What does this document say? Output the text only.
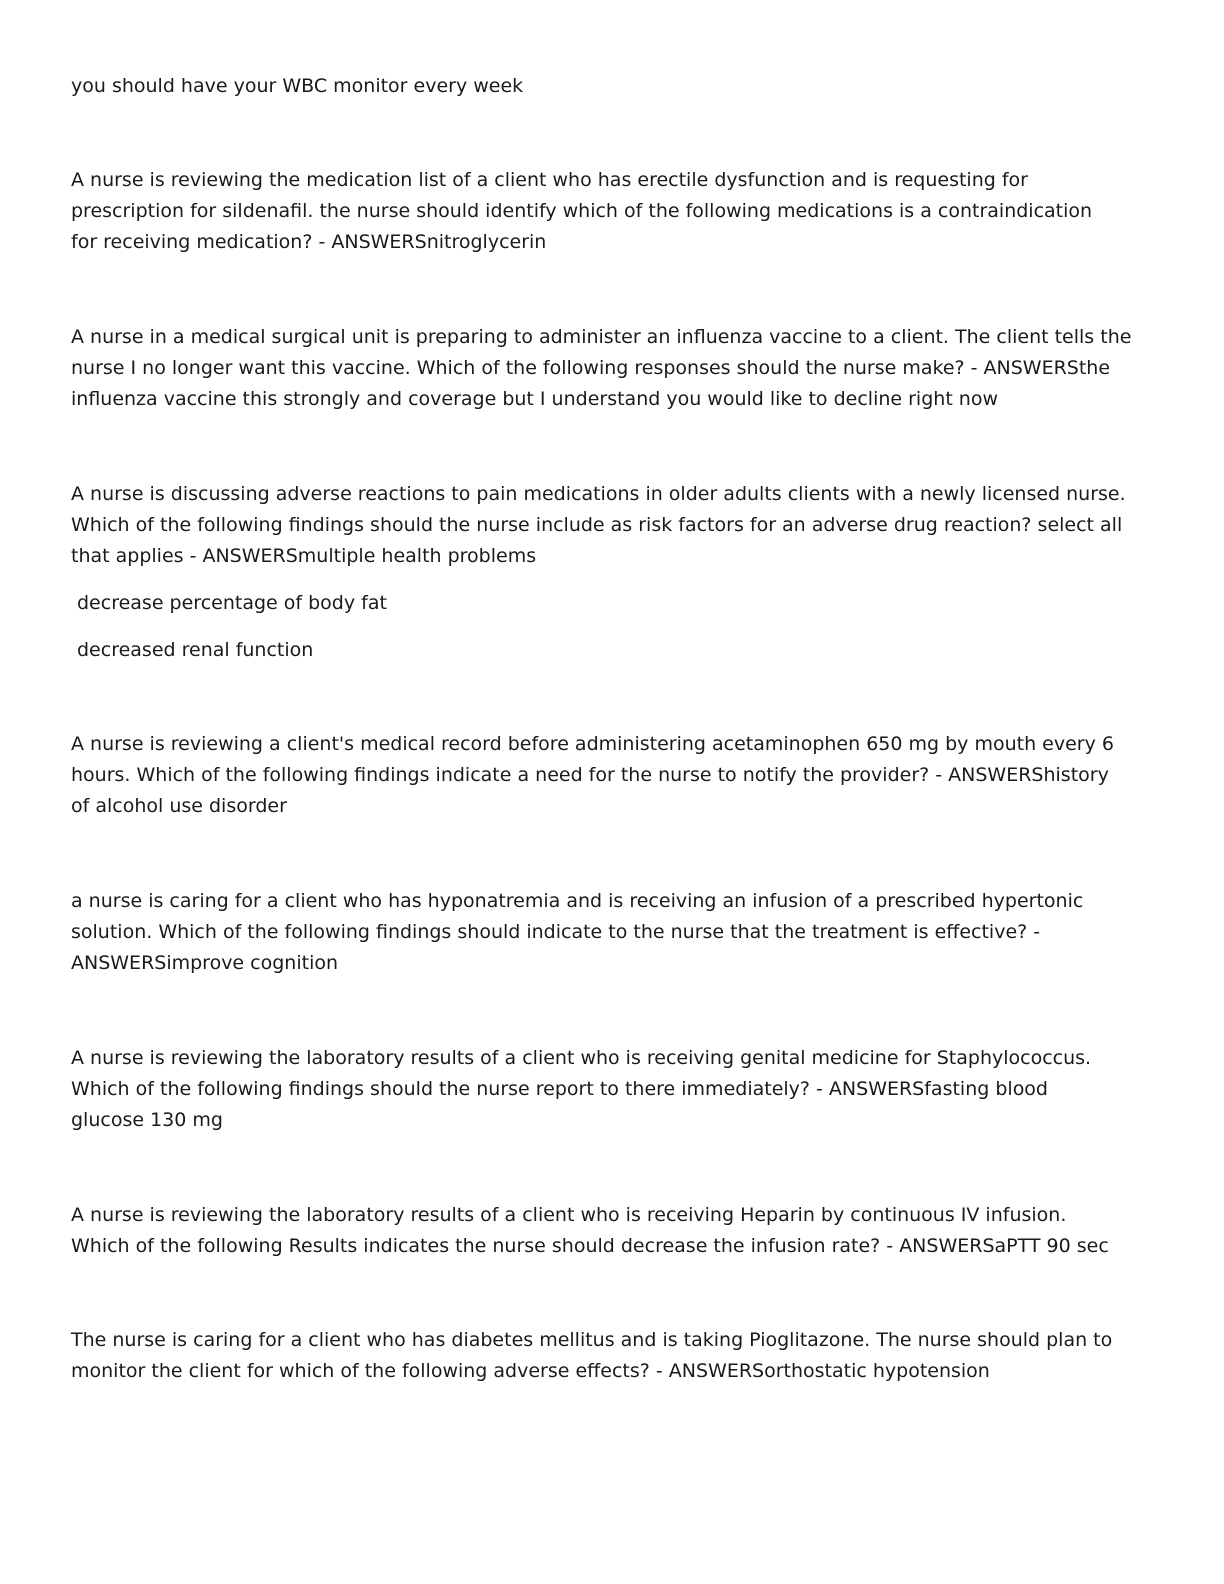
you should have your WBC monitor every week

A nurse is reviewing the medication list of a client who has erectile dysfunction and is requesting for
prescription for sildenafil. the nurse should identify which of the following medications is a contraindication
for receiving medication? - ANSWERSnitroglycerin

A nurse in a medical surgical unit is preparing to administer an influenza vaccine to a client. The client tells the
nurse I no longer want this vaccine. Which of the following responses should the nurse make? - ANSWERSthe
influenza vaccine this strongly and coverage but I understand you would like to decline right now

A nurse is discussing adverse reactions to pain medications in older adults clients with a newly licensed nurse.
Which of the following findings should the nurse include as risk factors for an adverse drug reaction? select all
that applies - ANSWERSmultiple health problems

decrease percentage of body fat

decreased renal function

A nurse is reviewing a client's medical record before administering acetaminophen 650 mg by mouth every 6
hours. Which of the following findings indicate a need for the nurse to notify the provider? - ANSWERShistory
of alcohol use disorder

a nurse is caring for a client who has hyponatremia and is receiving an infusion of a prescribed hypertonic
solution. Which of the following findings should indicate to the nurse that the treatment is effective? -
ANSWERSimprove cognition

A nurse is reviewing the laboratory results of a client who is receiving genital medicine for Staphylococcus.
Which of the following findings should the nurse report to there immediately? - ANSWERSfasting blood
glucose 130 mg

A nurse is reviewing the laboratory results of a client who is receiving Heparin by continuous IV infusion.
Which of the following Results indicates the nurse should decrease the infusion rate? - ANSWERSaPTT 90 sec

The nurse is caring for a client who has diabetes mellitus and is taking Pioglitazone. The nurse should plan to
monitor the client for which of the following adverse effects? - ANSWERSorthostatic hypotension
